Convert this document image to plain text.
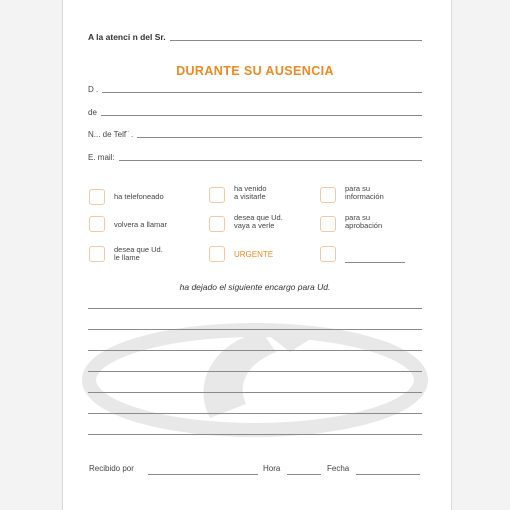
A la atenci n del Sr.
DURANTE SU AUSENCIA
D .
de
N... de Telf¨ .
E. mail:
ha telefoneado
volvera a llamar
desea que Ud.
le llame
ha venido
a visitarle
desea que Ud.
vaya a verle
URGENTE
para su
información
para su
aprobación
ha dejado el siguiente encargo para Ud.
Recibido por	Hora	Fecha
